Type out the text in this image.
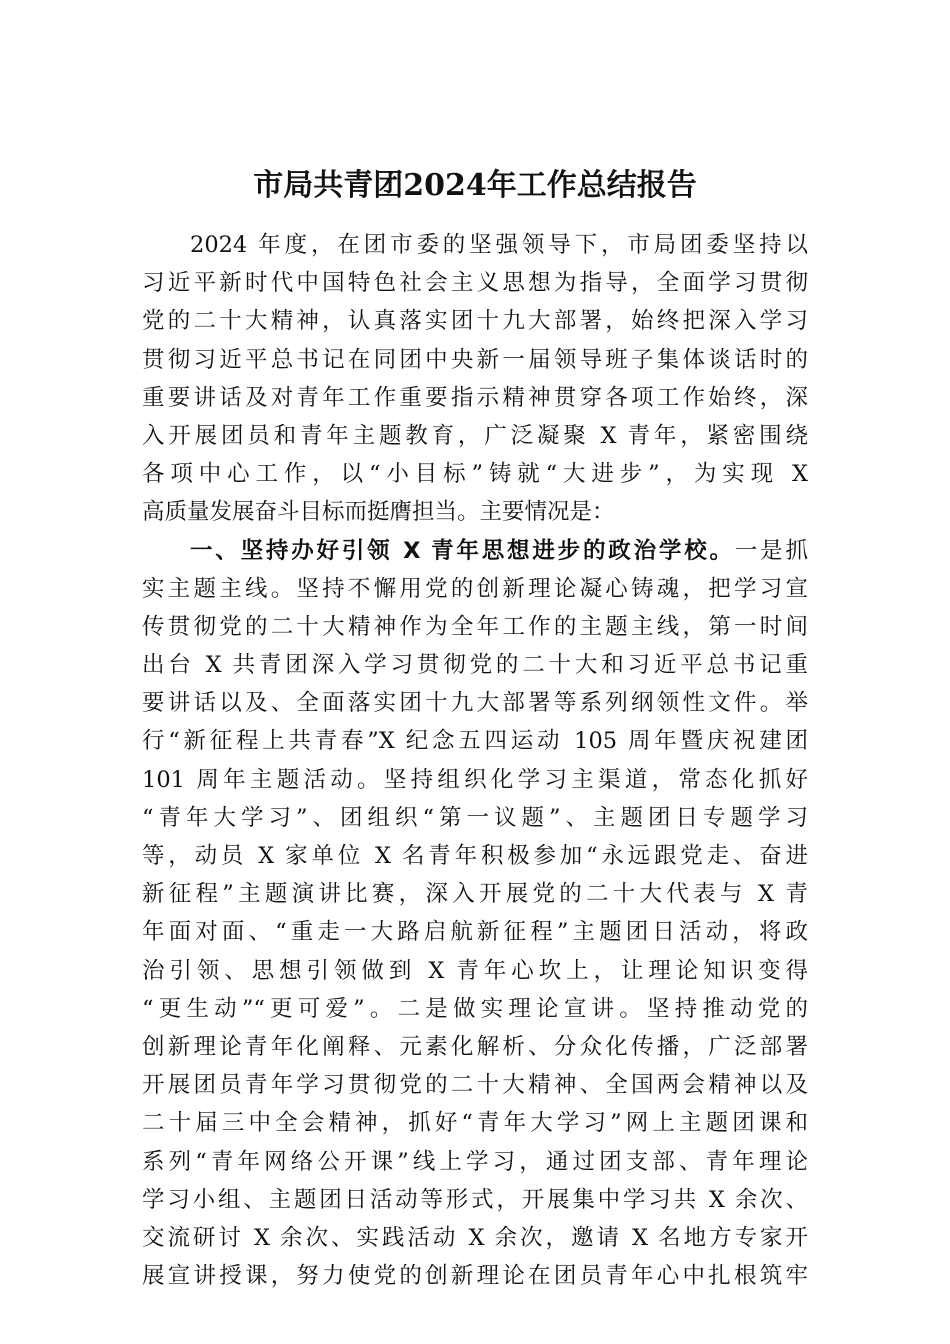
市局共青团2024年工作总结报告
2024 年度，在团市委的坚强领导下，市局团委坚持以
习近平新时代中国特色社会主义思想为指导，全面学习贯彻
党的二十大精神，认真落实团十九大部署，始终把深入学习
贯彻习近平总书记在同团中央新一届领导班子集体谈话时的
重要讲话及对青年工作重要指示精神贯穿各项工作始终，深
入开展团员和青年主题教育，广泛凝聚 X 青年，紧密围绕
各项中心工作，以“小目标”铸就“大进步”，为实现 X
高质量发展奋斗目标而挺膺担当。主要情况是：
一、坚持办好引领 X 青年思想进步的政治学校。一是抓
实主题主线。坚持不懈用党的创新理论凝心铸魂，把学习宣
传贯彻党的二十大精神作为全年工作的主题主线，第一时间
出台 X 共青团深入学习贯彻党的二十大和习近平总书记重
要讲话以及、全面落实团十九大部署等系列纲领性文件。举
行“新征程上共青春”X 纪念五四运动 105 周年暨庆祝建团
101 周年主题活动。坚持组织化学习主渠道，常态化抓好
“青年大学习”、团组织“第一议题”、主题团日专题学习
等，动员 X 家单位 X 名青年积极参加“永远跟党走、奋进
新征程”主题演讲比赛，深入开展党的二十大代表与 X 青
年面对面、“重走一大路启航新征程”主题团日活动，将政
治引领、思想引领做到 X 青年心坎上，让理论知识变得
“更生动”“更可爱”。二是做实理论宣讲。坚持推动党的
创新理论青年化阐释、元素化解析、分众化传播，广泛部署
开展团员青年学习贯彻党的二十大精神、全国两会精神以及
二十届三中全会精神，抓好“青年大学习”网上主题团课和
系列“青年网络公开课”线上学习，通过团支部、青年理论
学习小组、主题团日活动等形式，开展集中学习共 X 余次、
交流研讨 X 余次、实践活动 X 余次，邀请 X 名地方专家开
展宣讲授课，努力使党的创新理论在团员青年心中扎根筑牢
